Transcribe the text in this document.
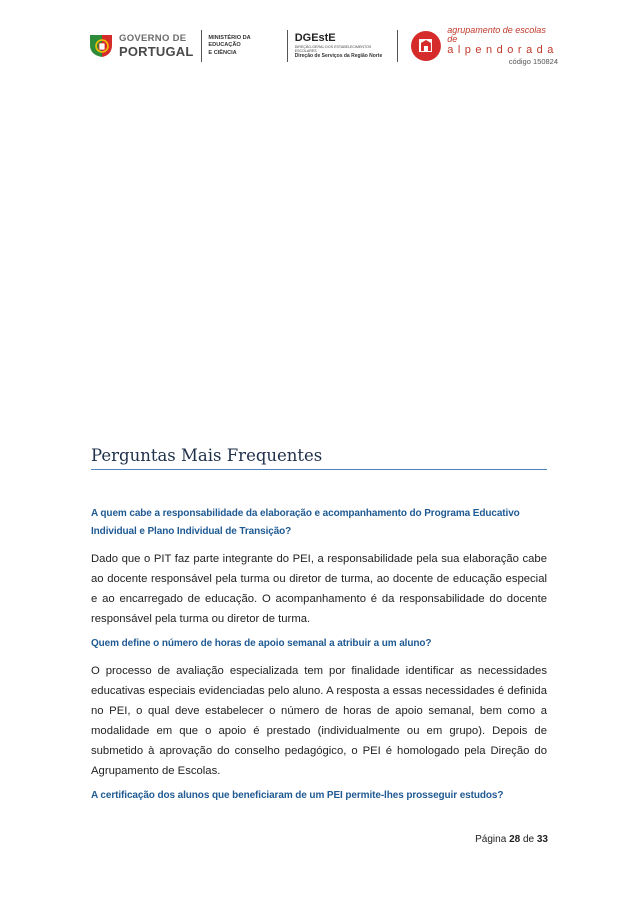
GOVERNO DE
PORTUGAL
MINISTÉRIO DA EDUCAÇÃO
E CIÊNCIA
DGEstE
DIREÇÃO-GERAL DOS ESTABELECIMENTOS ESCOLARES
Direção de Serviços da Região Norte
agrupamento de escolas de
alpendorada
código 150824
Perguntas Mais Frequentes

A quem cabe a responsabilidade da elaboração e acompanhamento do Programa Educativo Individual e Plano Individual de Transição?

Dado que o PIT faz parte integrante do PEI, a responsabilidade pela sua elaboração cabe ao docente responsável pela turma ou diretor de turma, ao docente de educação especial e ao encarregado de educação. O acompanhamento é da responsabilidade do docente responsável pela turma ou diretor de turma.

Quem define o número de horas de apoio semanal a atribuir a um aluno?

O processo de avaliação especializada tem por finalidade identificar as necessidades educativas especiais evidenciadas pelo aluno. A resposta a essas necessidades é definida no PEI, o qual deve estabelecer o número de horas de apoio semanal, bem como a modalidade em que o apoio é prestado (individualmente ou em grupo). Depois de submetido à aprovação do conselho pedagógico, o PEI é homologado pela Direção do Agrupamento de Escolas.

A certificação dos alunos que beneficiaram de um PEI permite-lhes prosseguir estudos?

Página 28 de 33
